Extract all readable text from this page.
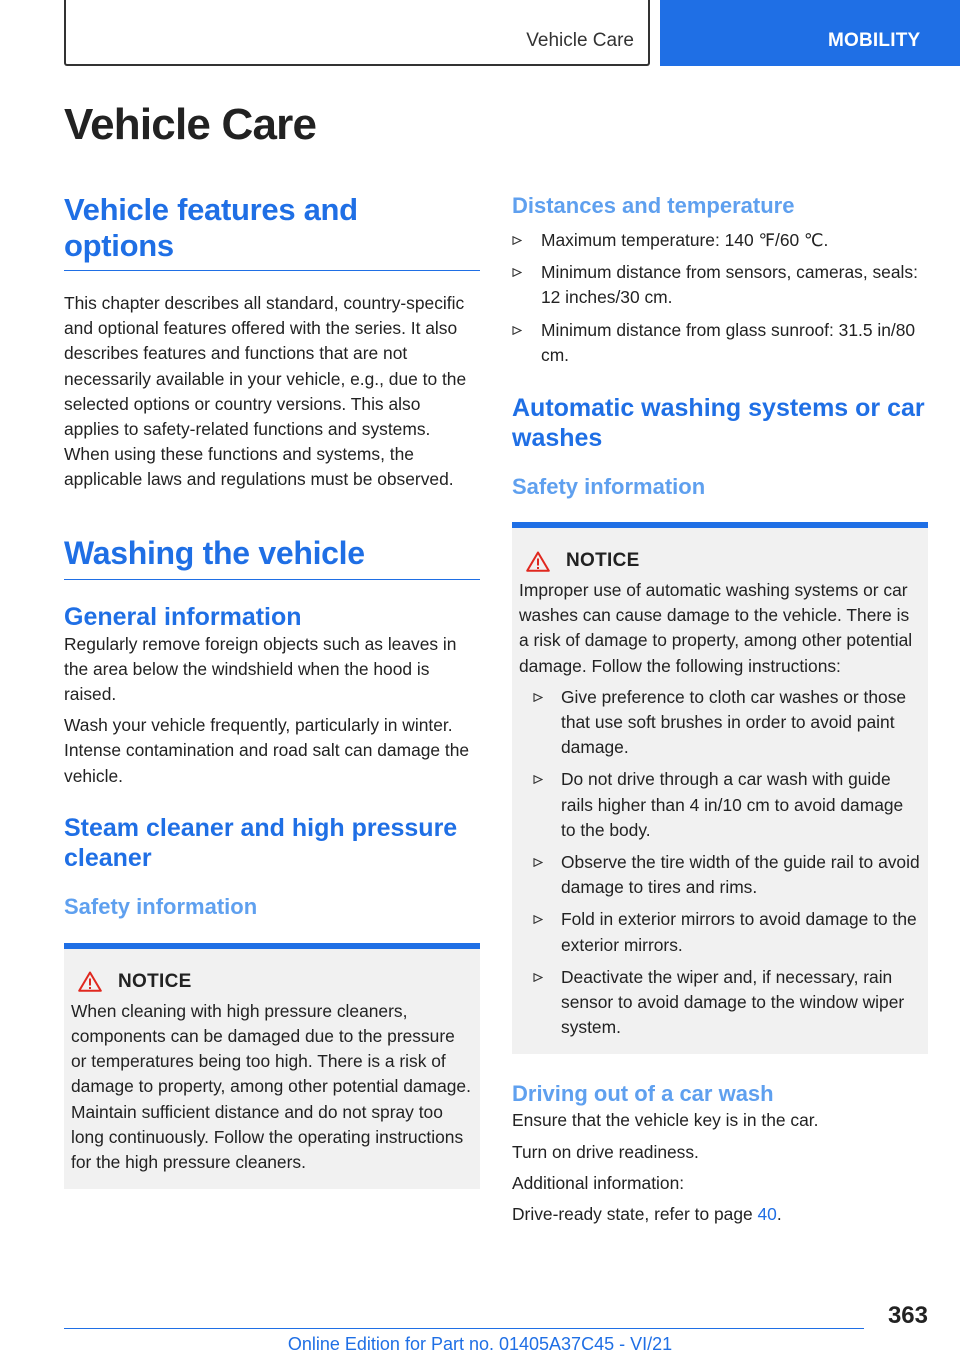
Vehicle Care	MOBILITY
Vehicle Care
Vehicle features and options

This chapter describes all standard, country-specific and optional features offered with the series. It also describes features and functions that are not necessarily available in your vehicle, e.g., due to the selected options or country versions. This also applies to safety-related functions and systems. When using these functions and systems, the applicable laws and regulations must be observed.

Washing the vehicle
General information

Regularly remove foreign objects such as leaves in the area below the windshield when the hood is raised.

Wash your vehicle frequently, particularly in winter. Intense contamination and road salt can damage the vehicle.

Steam cleaner and high pressure cleaner
Safety information
NOTICE

When cleaning with high pressure cleaners, components can be damaged due to the pressure or temperatures being too high. There is a risk of damage to property, among other potential damage. Maintain sufficient distance and do not spray too long continuously. Follow the operating instructions for the high pressure cleaners.

Distances and temperature
Maximum temperature: 140 ℉/60 ℃.
Minimum distance from sensors, cameras, seals: 12 inches/30 cm.
Minimum distance from glass sunroof: 31.5 in/80 cm.
Automatic washing systems or car washes
Safety information
NOTICE

Improper use of automatic washing systems or car washes can cause damage to the vehicle. There is a risk of damage to property, among other potential damage. Follow the following instructions:

Give preference to cloth car washes or those that use soft brushes in order to avoid paint damage.
Do not drive through a car wash with guide rails higher than 4 in/10 cm to avoid damage to the body.
Observe the tire width of the guide rail to avoid damage to tires and rims.
Fold in exterior mirrors to avoid damage to the exterior mirrors.
Deactivate the wiper and, if necessary, rain sensor to avoid damage to the window wiper system.
Driving out of a car wash

Ensure that the vehicle key is in the car.

Turn on drive readiness.

Additional information:

Drive-ready state, refer to page 40.

363
Online Edition for Part no. 01405A37C45 - VI/21
